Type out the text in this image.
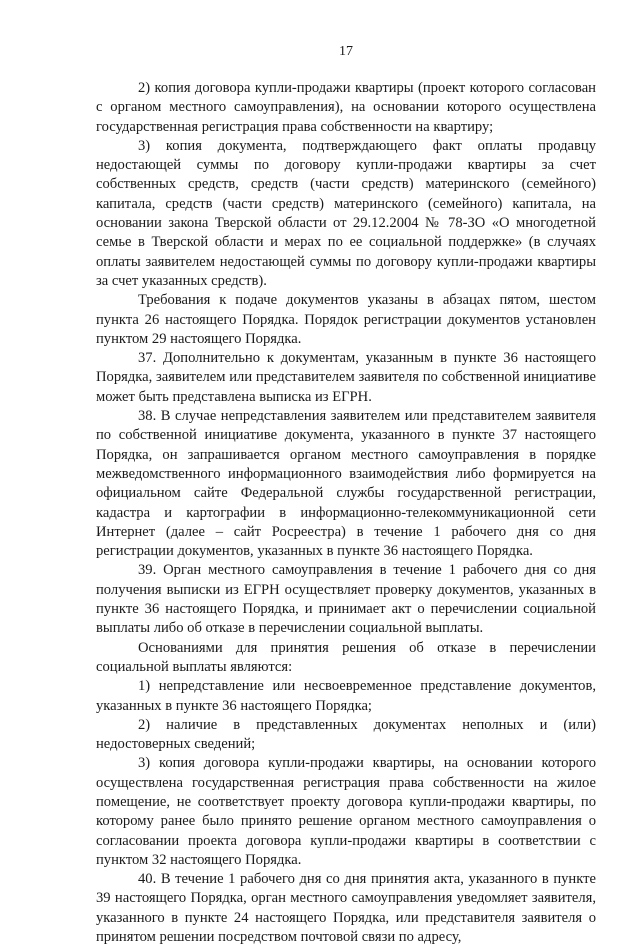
17

2) копия договора купли-продажи квартиры (проект которого согласован с органом местного самоуправления), на основании которого осуществлена государственная регистрация права собственности на квартиру;

3) копия документа, подтверждающего факт оплаты продавцу недостающей суммы по договору купли-продажи квартиры за счет собственных средств, средств (части средств) материнского (семейного) капитала, средств (части средств) материнского (семейного) капитала, на основании закона Тверской области от 29.12.2004 № 78-ЗО «О многодетной семье в Тверской области и мерах по ее социальной поддержке» (в случаях оплаты заявителем недостающей суммы по договору купли-продажи квартиры за счет указанных средств).

Требования к подаче документов указаны в абзацах пятом, шестом пункта 26 настоящего Порядка. Порядок регистрации документов установлен пунктом 29 настоящего Порядка.

37. Дополнительно к документам, указанным в пункте 36 настоящего Порядка, заявителем или представителем заявителя по собственной инициативе может быть представлена выписка из ЕГРН.

38. В случае непредставления заявителем или представителем заявителя по собственной инициативе документа, указанного в пункте 37 настоящего Порядка, он запрашивается органом местного самоуправления в порядке межведомственного информационного взаимодействия либо формируется на официальном сайте Федеральной службы государственной регистрации, кадастра и картографии в информационно-телекоммуникационной сети Интернет (далее – сайт Росреестра) в течение 1 рабочего дня со дня регистрации документов, указанных в пункте 36 настоящего Порядка.

39. Орган местного самоуправления в течение 1 рабочего дня со дня получения выписки из ЕГРН осуществляет проверку документов, указанных в пункте 36 настоящего Порядка, и принимает акт о перечислении социальной выплаты либо об отказе в перечислении социальной выплаты.

Основаниями для принятия решения об отказе в перечислении социальной выплаты являются:

1) непредставление или несвоевременное представление документов, указанных в пункте 36 настоящего Порядка;

2) наличие в представленных документах неполных и (или) недостоверных сведений;

3) копия договора купли-продажи квартиры, на основании которого осуществлена государственная регистрация права собственности на жилое помещение, не соответствует проекту договора купли-продажи квартиры, по которому ранее было принято решение органом местного самоуправления о согласовании проекта договора купли-продажи квартиры в соответствии с пунктом 32 настоящего Порядка.

40. В течение 1 рабочего дня со дня принятия акта, указанного в пункте 39 настоящего Порядка, орган местного самоуправления уведомляет заявителя, указанного в пункте 24 настоящего Порядка, или представителя заявителя о принятом решении посредством почтовой связи по адресу,
